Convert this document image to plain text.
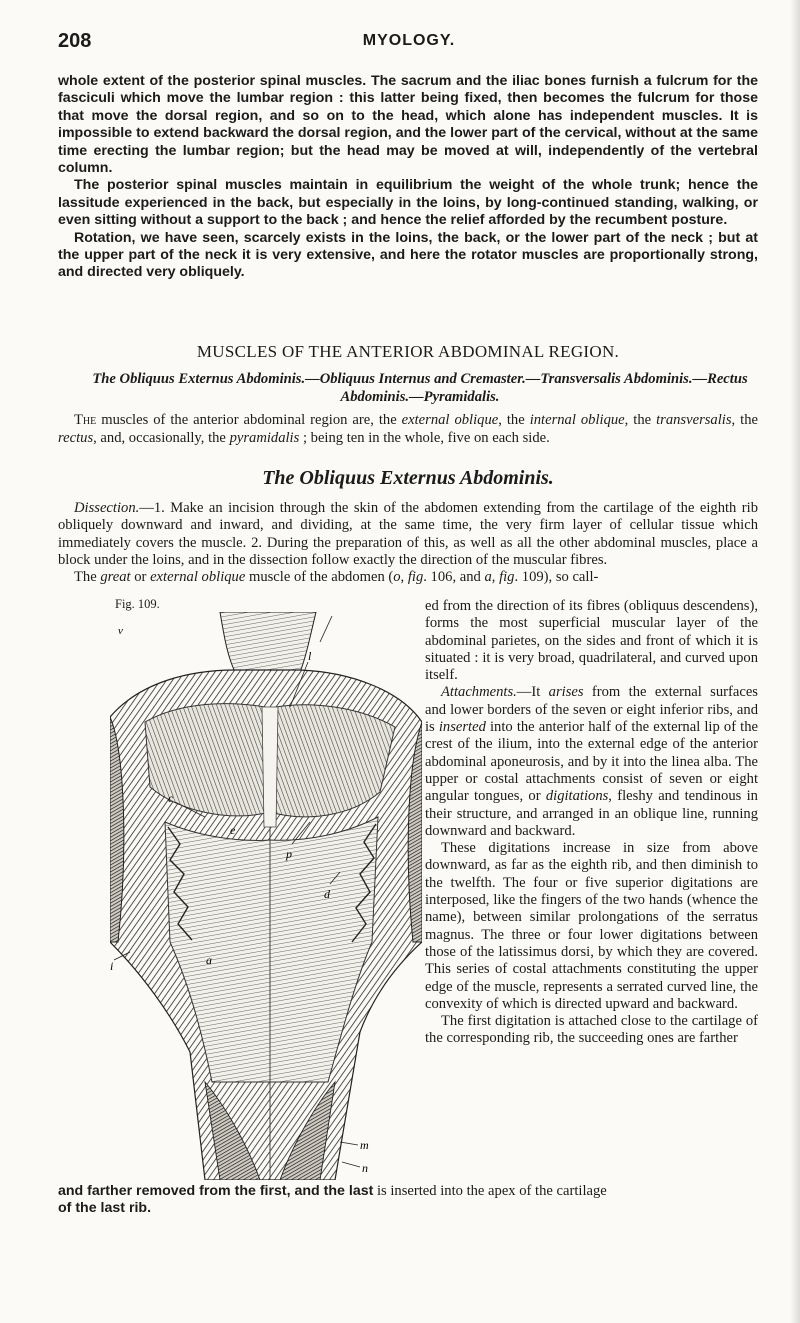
208	MYOLOGY.

whole extent of the posterior spinal muscles. The sacrum and the iliac bones furnish a fulcrum for the fasciculi which move the lumbar region : this latter being fixed, then becomes the fulcrum for those that move the dorsal region, and so on to the head, which alone has independent muscles. It is impossible to extend backward the dorsal region, and the lower part of the cervical, without at the same time erecting the lumbar region; but the head may be moved at will, independently of the vertebral column.

The posterior spinal muscles maintain in equilibrium the weight of the whole trunk; hence the lassitude experienced in the back, but especially in the loins, by long-continued standing, walking, or even sitting without a support to the back ; and hence the relief afforded by the recumbent posture.

Rotation, we have seen, scarcely exists in the loins, the back, or the lower part of the neck ; but at the upper part of the neck it is very extensive, and here the rotator muscles are proportionally strong, and directed very obliquely.

MUSCLES OF THE ANTERIOR ABDOMINAL REGION.
The Obliquus Externus Abdominis.—Obliquus Internus and Cremaster.—Transversalis Abdominis.—Rectus Abdominis.—Pyramidalis.

The muscles of the anterior abdominal region are, the external oblique, the internal oblique, the transversalis, the rectus, and, occasionally, the pyramidalis ; being ten in the whole, five on each side.

The Obliquus Externus Abdominis.

Dissection.—1. Make an incision through the skin of the abdomen extending from the cartilage of the eighth rib obliquely downward and inward, and dividing, at the same time, the very firm layer of cellular tissue which immediately covers the muscle. 2. During the preparation of this, as well as all the other abdominal muscles, place a block under the loins, and in the dissection follow exactly the direction of the muscular fibres.

The great or external oblique muscle of the abdomen (o, fig. 106, and a, fig. 109), so call-

Fig. 109.
v
l
c
e
p
d
i	a
m
n

ed from the direction of its fibres (obliquus descendens), forms the most superficial muscular layer of the abdominal parietes, on the sides and front of which it is situated : it is very broad, quadrilateral, and curved upon itself.

Attachments.—It arises from the external surfaces and lower borders of the seven or eight inferior ribs, and is inserted into the anterior half of the external lip of the crest of the ilium, into the external edge of the anterior abdominal aponeurosis, and by it into the linea alba. The upper or costal attachments consist of seven or eight angular tongues, or digitations, fleshy and tendinous in their structure, and arranged in an oblique line, running downward and backward.

These digitations increase in size from above downward, as far as the eighth rib, and then diminish to the twelfth. The four or five superior digitations are interposed, like the fingers of the two hands (whence the name), between similar prolongations of the serratus magnus. The three or four lower digitations between those of the latissimus dorsi, by which they are covered. This series of costal attachments constituting the upper edge of the muscle, represents a serrated curved line, the convexity of which is directed upward and backward.

The first digitation is attached close to the cartilage of the corresponding rib, the succeeding ones are farther

and farther removed from the first, and the last is inserted into the apex of the cartilage
of the last rib.
